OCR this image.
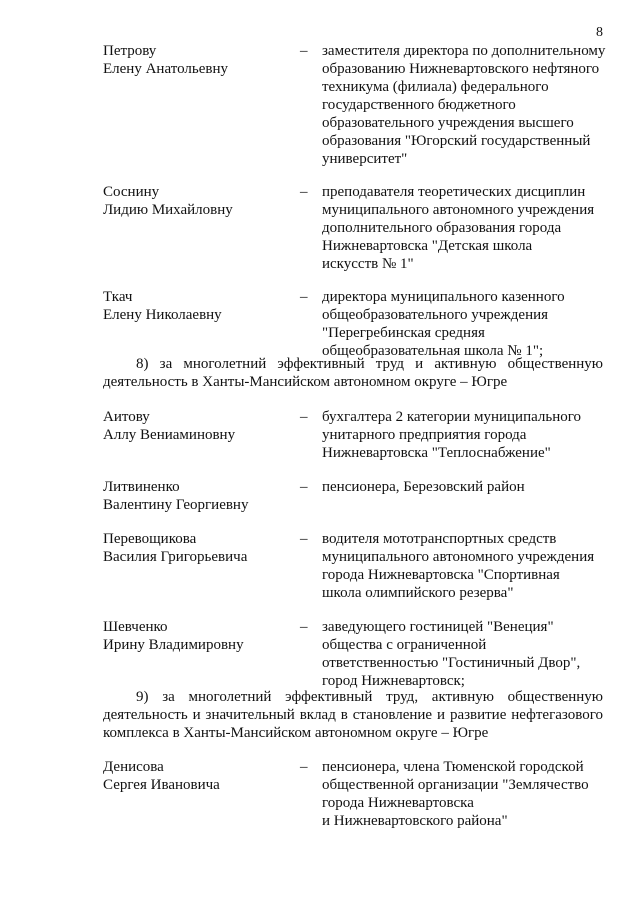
8
Петрову
Елену Анатольевну
– заместителя директора по дополнительному
образованию Нижневартовского нефтяного
техникума (филиала) федерального
государственного бюджетного
образовательного учреждения высшего
образования "Югорский государственный
университет"
Соснину
Лидию Михайловну
– преподавателя теоретических дисциплин
муниципального автономного учреждения
дополнительного образования города
Нижневартовска "Детская школа
искусств № 1"
Ткач
Елену Николаевну
– директора муниципального казенного
общеобразовательного учреждения
"Перегребинская средняя
общеобразовательная школа № 1";
8) за многолетний эффективный труд и активную общественную
деятельность в Ханты-Мансийском автономном округе – Югре
Аитову
Аллу Вениаминовну
– бухгалтера 2 категории муниципального
унитарного предприятия города
Нижневартовска "Теплоснабжение"
Литвиненко
Валентину Георгиевну
– пенсионера, Березовский район
Перевощикова
Василия Григорьевича
– водителя мототранспортных средств
муниципального автономного учреждения
города Нижневартовска "Спортивная
школа олимпийского резерва"
Шевченко
Ирину Владимировну
– заведующего гостиницей "Венеция"
общества с ограниченной
ответственностью "Гостиничный Двор",
город Нижневартовск;
9) за многолетний эффективный труд, активную общественную
деятельность и значительный вклад в становление и развитие нефтегазового
комплекса в Ханты-Мансийском автономном округе – Югре
Денисова
Сергея Ивановича
– пенсионера, члена Тюменской городской
общественной организации "Землячество
города Нижневартовска
и Нижневартовского района"
